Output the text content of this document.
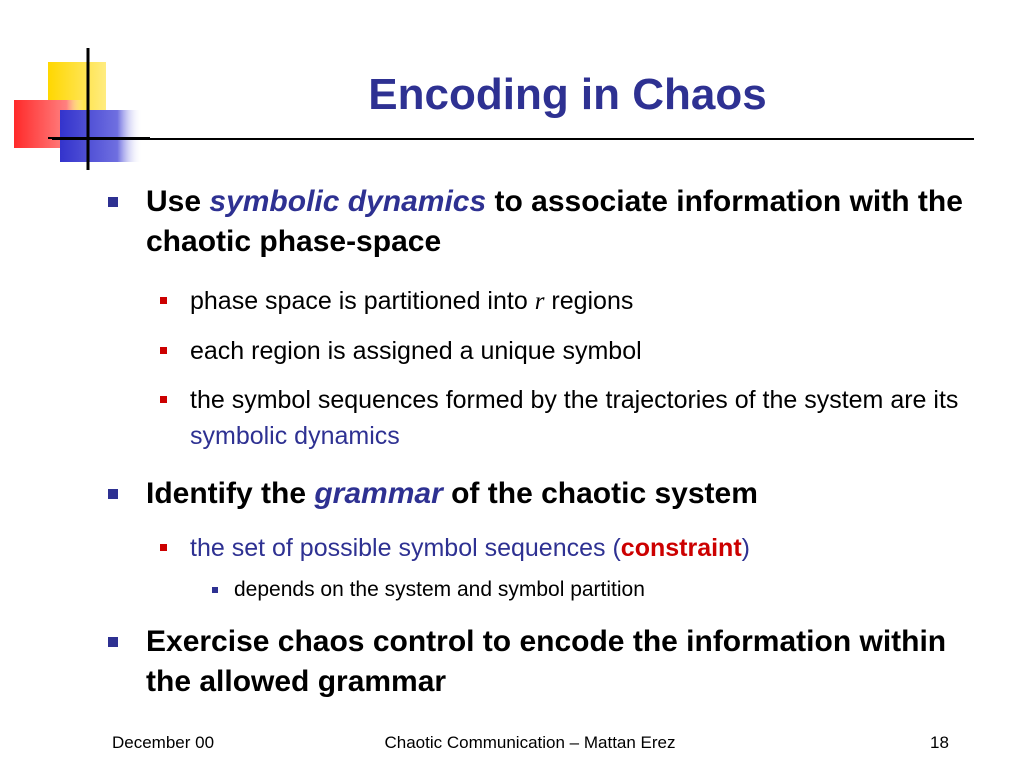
Encoding in Chaos
Use symbolic dynamics to associate information with the chaotic phase-space
phase space is partitioned into r regions
each region is assigned a unique symbol
the symbol sequences formed by the trajectories of the system are its symbolic dynamics
Identify the grammar of the chaotic system
the set of possible symbol sequences (constraint)
depends on the system and symbol partition
Exercise chaos control to encode the information within the allowed grammar
December 00	Chaotic Communication – Mattan Erez	18
